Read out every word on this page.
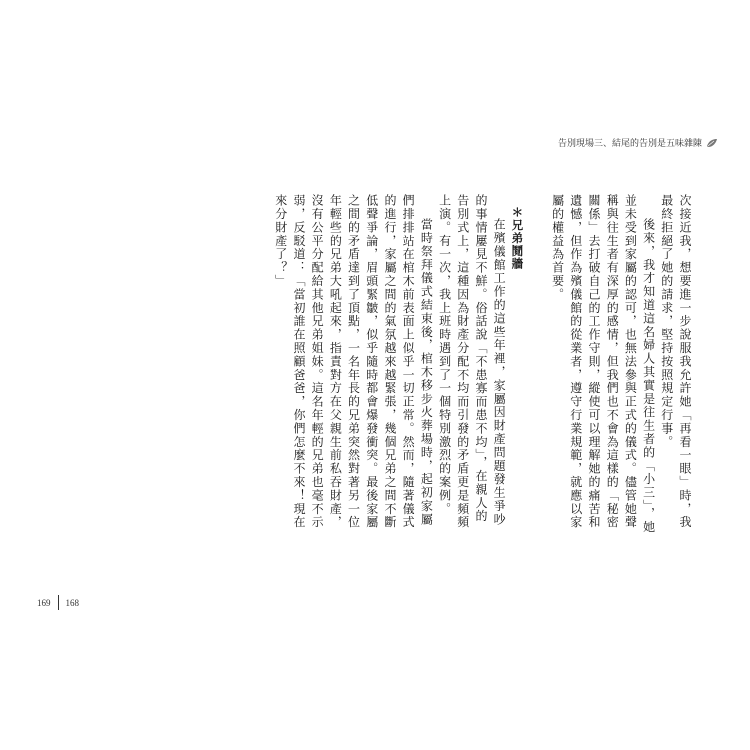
告別現場三、結尾的告別是五味雜陳

次接近我，想要進一步說服我允許她「再看一眼」時，我最終拒絕了她的請求，堅持按照規定行事。

後來，我才知道這名婦人其實是往生者的「小三」，她並未受到家屬的認可，也無法參與正式的儀式。儘管她聲稱與往生者有深厚的感情，但我們也不會為這樣的「秘密關係」去打破自己的工作守則，縱使可以理解她的痛苦和遺憾，但作為殯儀館的從業者，遵守行業規範，就應以家屬的權益為首要。

＊兄弟鬩牆

在殯儀館工作的這些年裡，家屬因財產問題發生爭吵的事情屢見不鮮。俗話說「不患寡而患不均」，在親人的告別式上，這種因為財產分配不均而引發的矛盾更是頻頻上演。有一次，我上班時遇到了一個特別激烈的案例。

當時祭拜儀式結束後，棺木移步火葬場時，起初家屬們排排站在棺木前表面上似乎一切正常。然而，隨著儀式的進行，家屬之間的氣氛越來越緊張，幾個兄弟之間不斷低聲爭論，眉頭緊皺，似乎隨時都會爆發衝突。最後家屬之間的矛盾達到了頂點，一名年長的兄弟突然對著另一位年輕些的兄弟大吼起來，指責對方在父親生前私吞財產，沒有公平分配給其他兄弟姐妹。這名年輕的兄弟也毫不示弱，反駁道：「當初誰在照顧爸爸，你們怎麼不來！現在來分財產了？」

169 168
